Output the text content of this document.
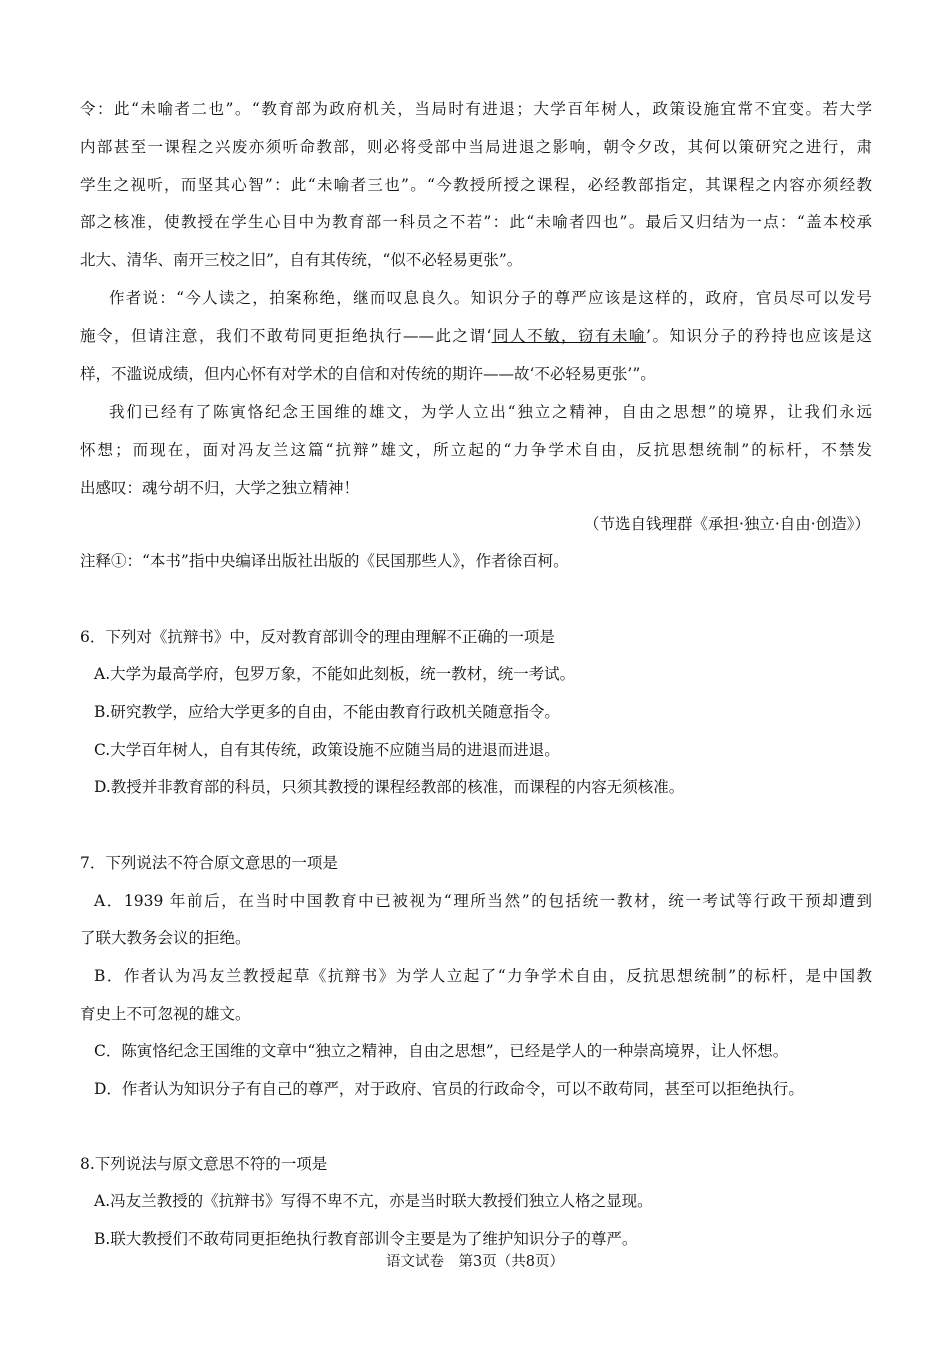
令：此“未喻者二也”。“教育部为政府机关，当局时有进退；大学百年树人，政策设施宜常不宜变。若大学
内部甚至一课程之兴废亦须听命教部，则必将受部中当局进退之影响，朝令夕改，其何以策研究之进行，肃
学生之视听，而坚其心智”：此“未喻者三也”。“今教授所授之课程，必经教部指定，其课程之内容亦须经教
部之核准，使教授在学生心目中为教育部一科员之不若”：此“未喻者四也”。最后又归结为一点：“盖本校承
北大、清华、南开三校之旧”，自有其传统，“似不必轻易更张”。
作者说：“今人读之，拍案称绝，继而叹息良久。知识分子的尊严应该是这样的，政府，官员尽可以发号
施令，但请注意，我们不敢苟同更拒绝执行——此之谓‘同人不敏，窃有未喻’。知识分子的矜持也应该是这
样，不滥说成绩，但内心怀有对学术的自信和对传统的期许——故‘不必轻易更张’”。
我们已经有了陈寅恪纪念王国维的雄文，为学人立出“独立之精神，自由之思想”的境界，让我们永远
怀想；而现在，面对冯友兰这篇“抗辩”雄文，所立起的“力争学术自由，反抗思想统制”的标杆，不禁发
出感叹：魂兮胡不归，大学之独立精神！
（节选自钱理群《承担·独立·自由·创造》）
注释①：“本书”指中央编译出版社出版的《民国那些人》，作者徐百柯。
6．下列对《抗辩书》中，反对教育部训令的理由理解不正确的一项是
A.大学为最高学府，包罗万象，不能如此刻板，统一教材，统一考试。
B.研究教学，应给大学更多的自由，不能由教育行政机关随意指令。
C.大学百年树人，自有其传统，政策设施不应随当局的进退而进退。
D.教授并非教育部的科员，只须其教授的课程经教部的核准，而课程的内容无须核准。
7．下列说法不符合原文意思的一项是
A．1939 年前后，在当时中国教育中已被视为“理所当然”的包括统一教材，统一考试等行政干预却遭到
了联大教务会议的拒绝。
B．作者认为冯友兰教授起草《抗辩书》为学人立起了“力争学术自由，反抗思想统制”的标杆，是中国教
育史上不可忽视的雄文。
C．陈寅恪纪念王国维的文章中“独立之精神，自由之思想”，已经是学人的一种崇高境界，让人怀想。
D．作者认为知识分子有自己的尊严，对于政府、官员的行政命令，可以不敢苟同，甚至可以拒绝执行。
8.下列说法与原文意思不符的一项是
A.冯友兰教授的《抗辩书》写得不卑不亢，亦是当时联大教授们独立人格之显现。
B.联大教授们不敢苟同更拒绝执行教育部训令主要是为了维护知识分子的尊严。
语文试卷　第3页（共8页）
